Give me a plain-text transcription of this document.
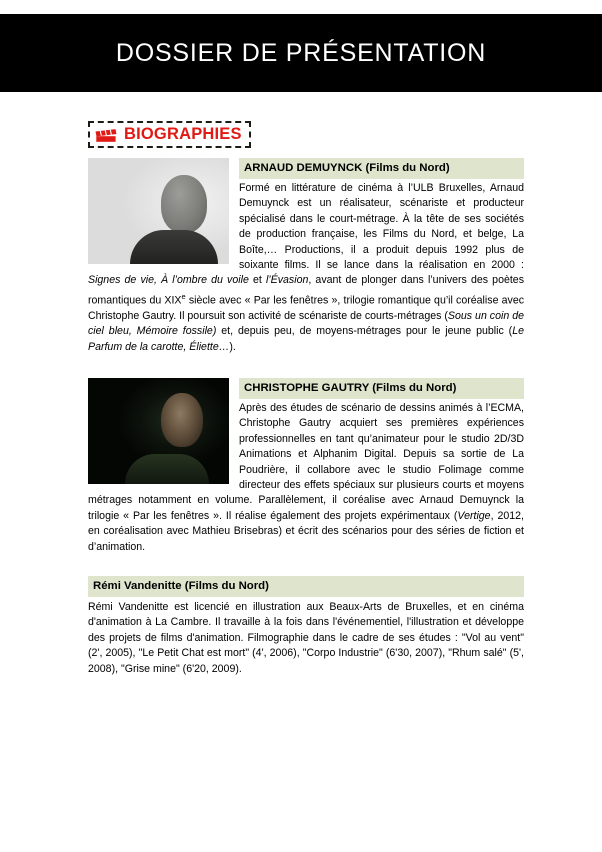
DOSSIER DE PRÉSENTATION
BIOGRAPHIES
ARNAUD DEMUYNCK (Films du Nord)

Formé en littérature de cinéma à l’ULB Bruxelles, Arnaud Demuynck est un réalisateur, scénariste et producteur spécialisé dans le court-métrage. À la tête de ses sociétés de production française, les Films du Nord, et belge, La Boîte,… Productions, il a produit depuis 1992 plus de soixante films. Il se lance dans la réalisation en 2000 : Signes de vie, À l’ombre du voile et l’Évasion, avant de plonger dans l’univers des poètes romantiques du XIXe siècle avec « Par les fenêtres », trilogie romantique qu’il coréalise avec Christophe Gautry. Il poursuit son activité de scénariste de courts-métrages (Sous un coin de ciel bleu, Mémoire fossile) et, depuis peu, de moyens-métrages pour le jeune public (Le Parfum de la carotte, Éliette…).

CHRISTOPHE GAUTRY (Films du Nord)

Après des études de scénario de dessins animés à l’ECMA, Christophe Gautry acquiert ses premières expériences professionnelles en tant qu’animateur pour le studio 2D/3D Animations et Alphanim Digital. Depuis sa sortie de La Poudrière, il collabore avec le studio Folimage comme directeur des effets spéciaux sur plusieurs courts et moyens métrages notamment en volume. Parallèlement, il coréalise avec Arnaud Demuynck la trilogie « Par les fenêtres ». Il réalise également des projets expérimentaux (Vertige, 2012, en coréalisation avec Mathieu Brisebras) et écrit des scénarios pour des séries de fiction et d’animation.

Rémi Vandenitte (Films du Nord)

Rémi Vandenitte est licencié en illustration aux Beaux-Arts de Bruxelles, et en cinéma d'animation à La Cambre. Il travaille à la fois dans l'événementiel, l'illustration et développe des projets de films d'animation. Filmographie dans le cadre de ses études : "Vol au vent" (2', 2005), "Le Petit Chat est mort" (4', 2006), "Corpo Industrie" (6'30, 2007), "Rhum salé" (5', 2008), "Grise mine" (6'20, 2009).
